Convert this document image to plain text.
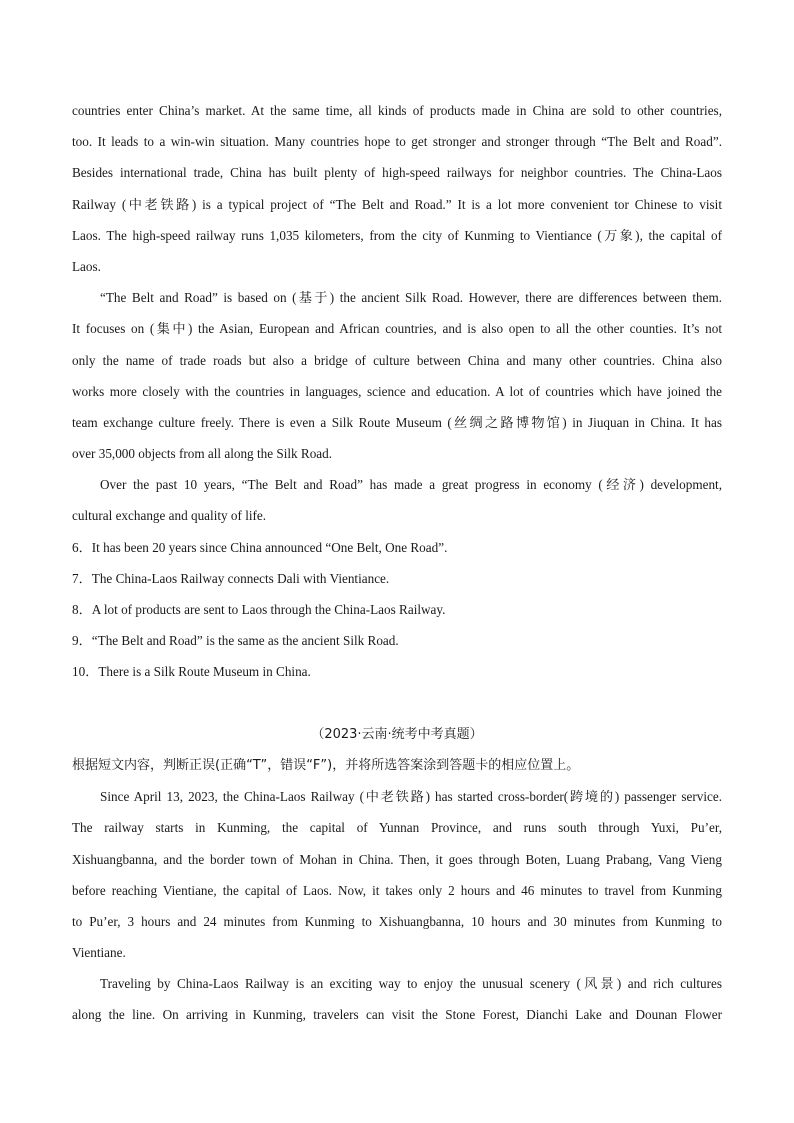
countries enter China’s market. At the same time, all kinds of products made in China are sold to other countries,
too. It leads to a win-win situation. Many countries hope to get stronger and stronger through “The Belt and Road”.
Besides international trade, China has built plenty of high-speed railways for neighbor countries. The China-Laos
Railway (中老铁路) is a typical project of “The Belt and Road.” It is a lot more convenient tor Chinese to visit
Laos. The high-speed railway runs 1,035 kilometers, from the city of Kunming to Vientiance (万象), the capital of
Laos.
“The Belt and Road” is based on (基于) the ancient Silk Road. However, there are differences between them.
It focuses on (集中) the Asian, European and African countries, and is also open to all the other counties. It’s not
only the name of trade roads but also a bridge of culture between China and many other countries. China also
works more closely with the countries in languages, science and education. A lot of countries which have joined the
team exchange culture freely. There is even a Silk Route Museum (丝绸之路博物馆) in Jiuquan in China. It has
over 35,000 objects from all along the Silk Road.
Over the past 10 years, “The Belt and Road” has made a great progress in economy (经济) development,
cultural exchange and quality of life.
6．It has been 20 years since China announced “One Belt, One Road”.
7．The China-Laos Railway connects Dali with Vientiance.
8．A lot of products are sent to Laos through the China-Laos Railway.
9．“The Belt and Road” is the same as the ancient Silk Road.
10．There is a Silk Route Museum in China.
（2023·云南·统考中考真题）
根据短文内容，判断正误(正确“T”，错误“F”)，并将所选答案涂到答题卡的相应位置上。
Since April 13, 2023, the China-Laos Railway (中老铁路) has started cross-border(跨境的) passenger service.
The railway starts in Kunming, the capital of Yunnan Province, and runs south through Yuxi, Pu’er,
Xishuangbanna, and the border town of Mohan in China. Then, it goes through Boten, Luang Prabang, Vang Vieng
before reaching Vientiane, the capital of Laos. Now, it takes only 2 hours and 46 minutes to travel from Kunming
to Pu’er, 3 hours and 24 minutes from Kunming to Xishuangbanna, 10 hours and 30 minutes from Kunming to
Vientiane.
Traveling by China-Laos Railway is an exciting way to enjoy the unusual scenery (风景) and rich cultures
along the line. On arriving in Kunming, travelers can visit the Stone Forest, Dianchi Lake and Dounan Flower
